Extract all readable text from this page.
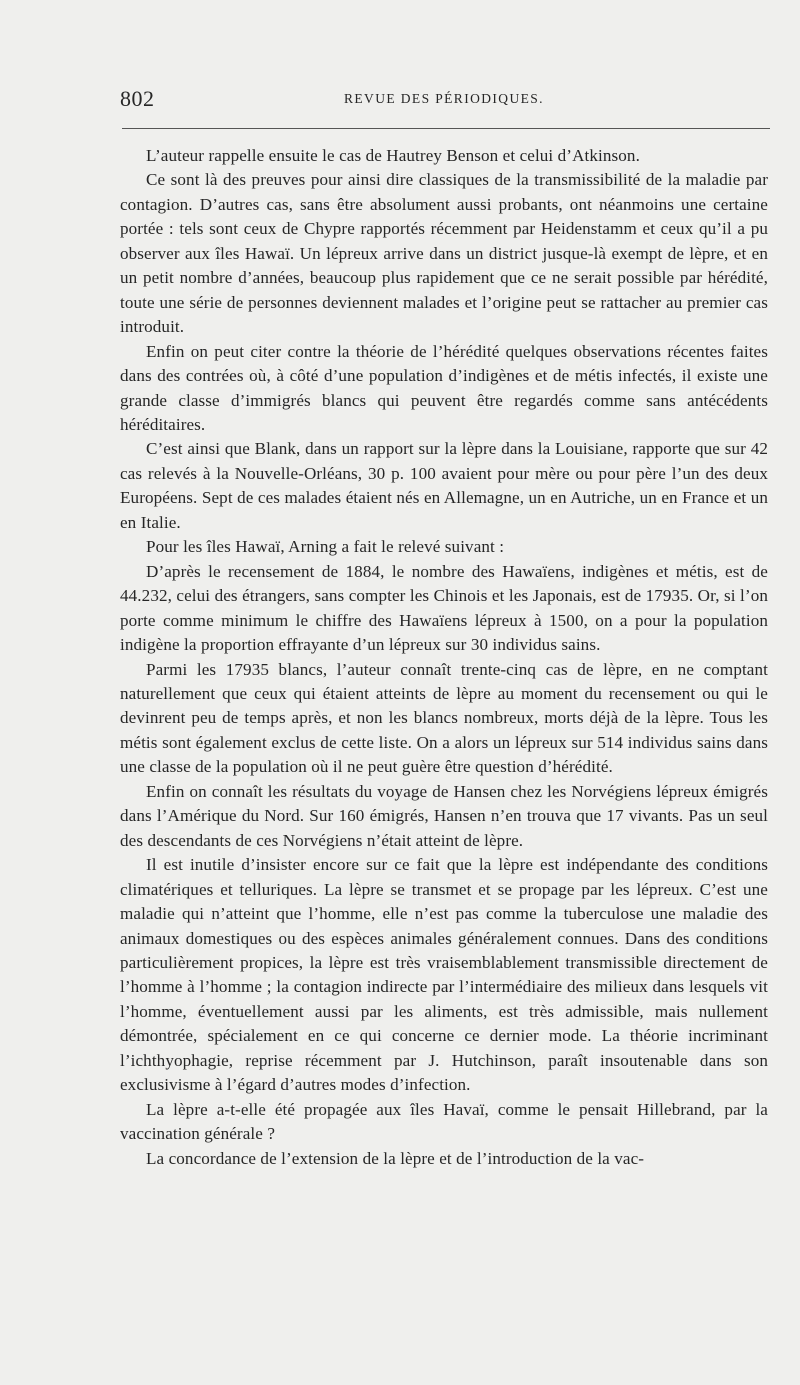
802	REVUE DES PÉRIODIQUES.

L’auteur rappelle ensuite le cas de Hautrey Benson et celui d’Atkinson.

Ce sont là des preuves pour ainsi dire classiques de la transmissibilité de la maladie par contagion. D’autres cas, sans être absolument aussi probants, ont néanmoins une certaine portée : tels sont ceux de Chypre rapportés récemment par Heidenstamm et ceux qu’il a pu observer aux îles Hawaï. Un lépreux arrive dans un district jusque-là exempt de lèpre, et en un petit nombre d’années, beaucoup plus rapidement que ce ne serait possible par hérédité, toute une série de personnes deviennent malades et l’origine peut se rattacher au premier cas introduit.

Enfin on peut citer contre la théorie de l’hérédité quelques observations récentes faites dans des contrées où, à côté d’une population d’indigènes et de métis infectés, il existe une grande classe d’immigrés blancs qui peuvent être regardés comme sans antécédents héréditaires.

C’est ainsi que Blank, dans un rapport sur la lèpre dans la Louisiane, rapporte que sur 42 cas relevés à la Nouvelle-Orléans, 30 p. 100 avaient pour mère ou pour père l’un des deux Européens. Sept de ces malades étaient nés en Allemagne, un en Autriche, un en France et un en Italie.

Pour les îles Hawaï, Arning a fait le relevé suivant :

D’après le recensement de 1884, le nombre des Hawaïens, indigènes et métis, est de 44.232, celui des étrangers, sans compter les Chinois et les Japonais, est de 17935. Or, si l’on porte comme minimum le chiffre des Hawaïens lépreux à 1500, on a pour la population indigène la proportion effrayante d’un lépreux sur 30 individus sains.

Parmi les 17935 blancs, l’auteur connaît trente-cinq cas de lèpre, en ne comptant naturellement que ceux qui étaient atteints de lèpre au moment du recensement ou qui le devinrent peu de temps après, et non les blancs nombreux, morts déjà de la lèpre. Tous les métis sont également exclus de cette liste. On a alors un lépreux sur 514 individus sains dans une classe de la population où il ne peut guère être question d’hérédité.

Enfin on connaît les résultats du voyage de Hansen chez les Norvégiens lépreux émigrés dans l’Amérique du Nord. Sur 160 émigrés, Hansen n’en trouva que 17 vivants. Pas un seul des descendants de ces Norvégiens n’était atteint de lèpre.

Il est inutile d’insister encore sur ce fait que la lèpre est indépendante des conditions climatériques et telluriques. La lèpre se transmet et se propage par les lépreux. C’est une maladie qui n’atteint que l’homme, elle n’est pas comme la tuberculose une maladie des animaux domestiques ou des espèces animales généralement connues. Dans des conditions particulièrement propices, la lèpre est très vraisemblablement transmissible directement de l’homme à l’homme ; la contagion indirecte par l’intermédiaire des milieux dans lesquels vit l’homme, éventuellement aussi par les aliments, est très admissible, mais nullement démontrée, spécialement en ce qui concerne ce dernier mode. La théorie incriminant l’ichthyophagie, reprise récemment par J. Hutchinson, paraît insoutenable dans son exclusivisme à l’égard d’autres modes d’infection.

La lèpre a-t-elle été propagée aux îles Havaï, comme le pensait Hillebrand, par la vaccination générale ?

La concordance de l’extension de la lèpre et de l’introduction de la vac-
